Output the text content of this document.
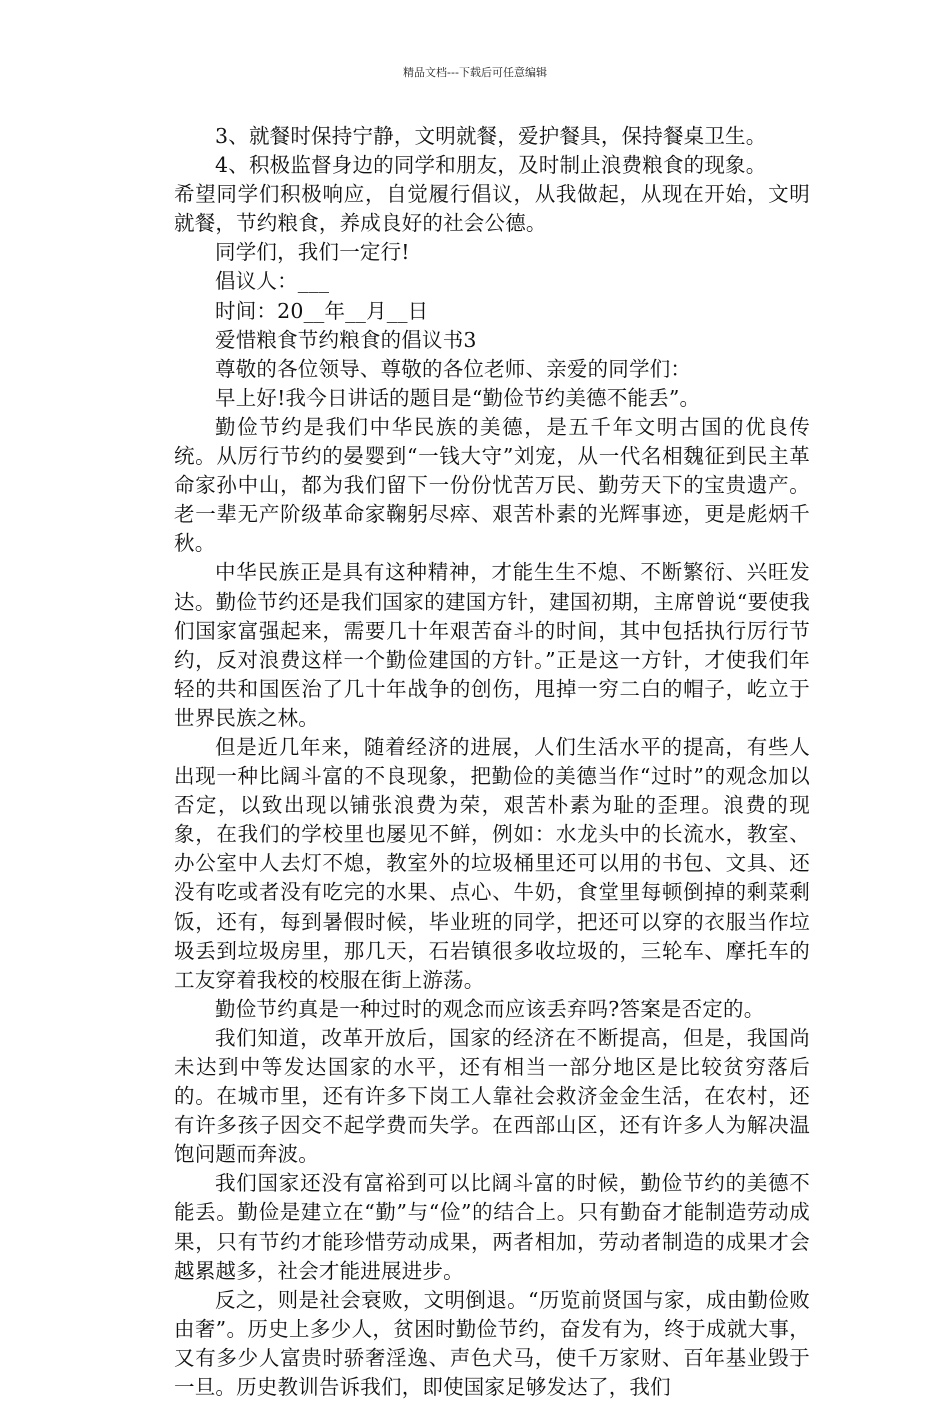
精品文档---下载后可任意编辑

3、就餐时保持宁静，文明就餐，爱护餐具，保持餐桌卫生。

4、积极监督身边的同学和朋友，及时制止浪费粮食的现象。

希望同学们积极响应，自觉履行倡议，从我做起，从现在开始，文明就餐，节约粮食，养成良好的社会公德。

同学们，我们一定行!

倡议人：___

时间：20__年__月__日

爱惜粮食节约粮食的倡议书3

尊敬的各位领导、尊敬的各位老师、亲爱的同学们：

早上好!我今日讲话的题目是“勤俭节约美德不能丢”。

勤俭节约是我们中华民族的美德，是五千年文明古国的优良传统。从厉行节约的晏婴到“一钱大守”刘宠，从一代名相魏征到民主革命家孙中山，都为我们留下一份份忧苦万民、勤劳天下的宝贵遗产。老一辈无产阶级革命家鞠躬尽瘁、艰苦朴素的光辉事迹，更是彪炳千秋。

中华民族正是具有这种精神，才能生生不熄、不断繁衍、兴旺发达。勤俭节约还是我们国家的建国方针，建国初期，主席曾说“要使我们国家富强起来，需要几十年艰苦奋斗的时间，其中包括执行厉行节约，反对浪费这样一个勤俭建国的方针。”正是这一方针，才使我们年轻的共和国医治了几十年战争的创伤，甩掉一穷二白的帽子，屹立于世界民族之林。

但是近几年来，随着经济的进展，人们生活水平的提高，有些人出现一种比阔斗富的不良现象，把勤俭的美德当作“过时”的观念加以否定，以致出现以铺张浪费为荣，艰苦朴素为耻的歪理。浪费的现象，在我们的学校里也屡见不鲜，例如：水龙头中的长流水，教室、办公室中人去灯不熄，教室外的垃圾桶里还可以用的书包、文具、还没有吃或者没有吃完的水果、点心、牛奶，食堂里每顿倒掉的剩菜剩饭，还有，每到暑假时候，毕业班的同学，把还可以穿的衣服当作垃圾丢到垃圾房里，那几天，石岩镇很多收垃圾的，三轮车、摩托车的工友穿着我校的校服在街上游荡。

勤俭节约真是一种过时的观念而应该丢弃吗?答案是否定的。

我们知道，改革开放后，国家的经济在不断提高，但是，我国尚未达到中等发达国家的水平，还有相当一部分地区是比较贫穷落后的。在城市里，还有许多下岗工人靠社会救济金金生活，在农村，还有许多孩子因交不起学费而失学。在西部山区，还有许多人为解决温饱问题而奔波。

我们国家还没有富裕到可以比阔斗富的时候，勤俭节约的美德不能丢。勤俭是建立在“勤”与“俭”的结合上。只有勤奋才能制造劳动成果，只有节约才能珍惜劳动成果，两者相加，劳动者制造的成果才会越累越多，社会才能进展进步。

反之，则是社会衰败，文明倒退。“历览前贤国与家，成由勤俭败由奢”。历史上多少人，贫困时勤俭节约，奋发有为，终于成就大事，又有多少人富贵时骄奢淫逸、声色犬马，使千万家财、百年基业毁于一旦。历史教训告诉我们，即使国家足够发达了，我们
